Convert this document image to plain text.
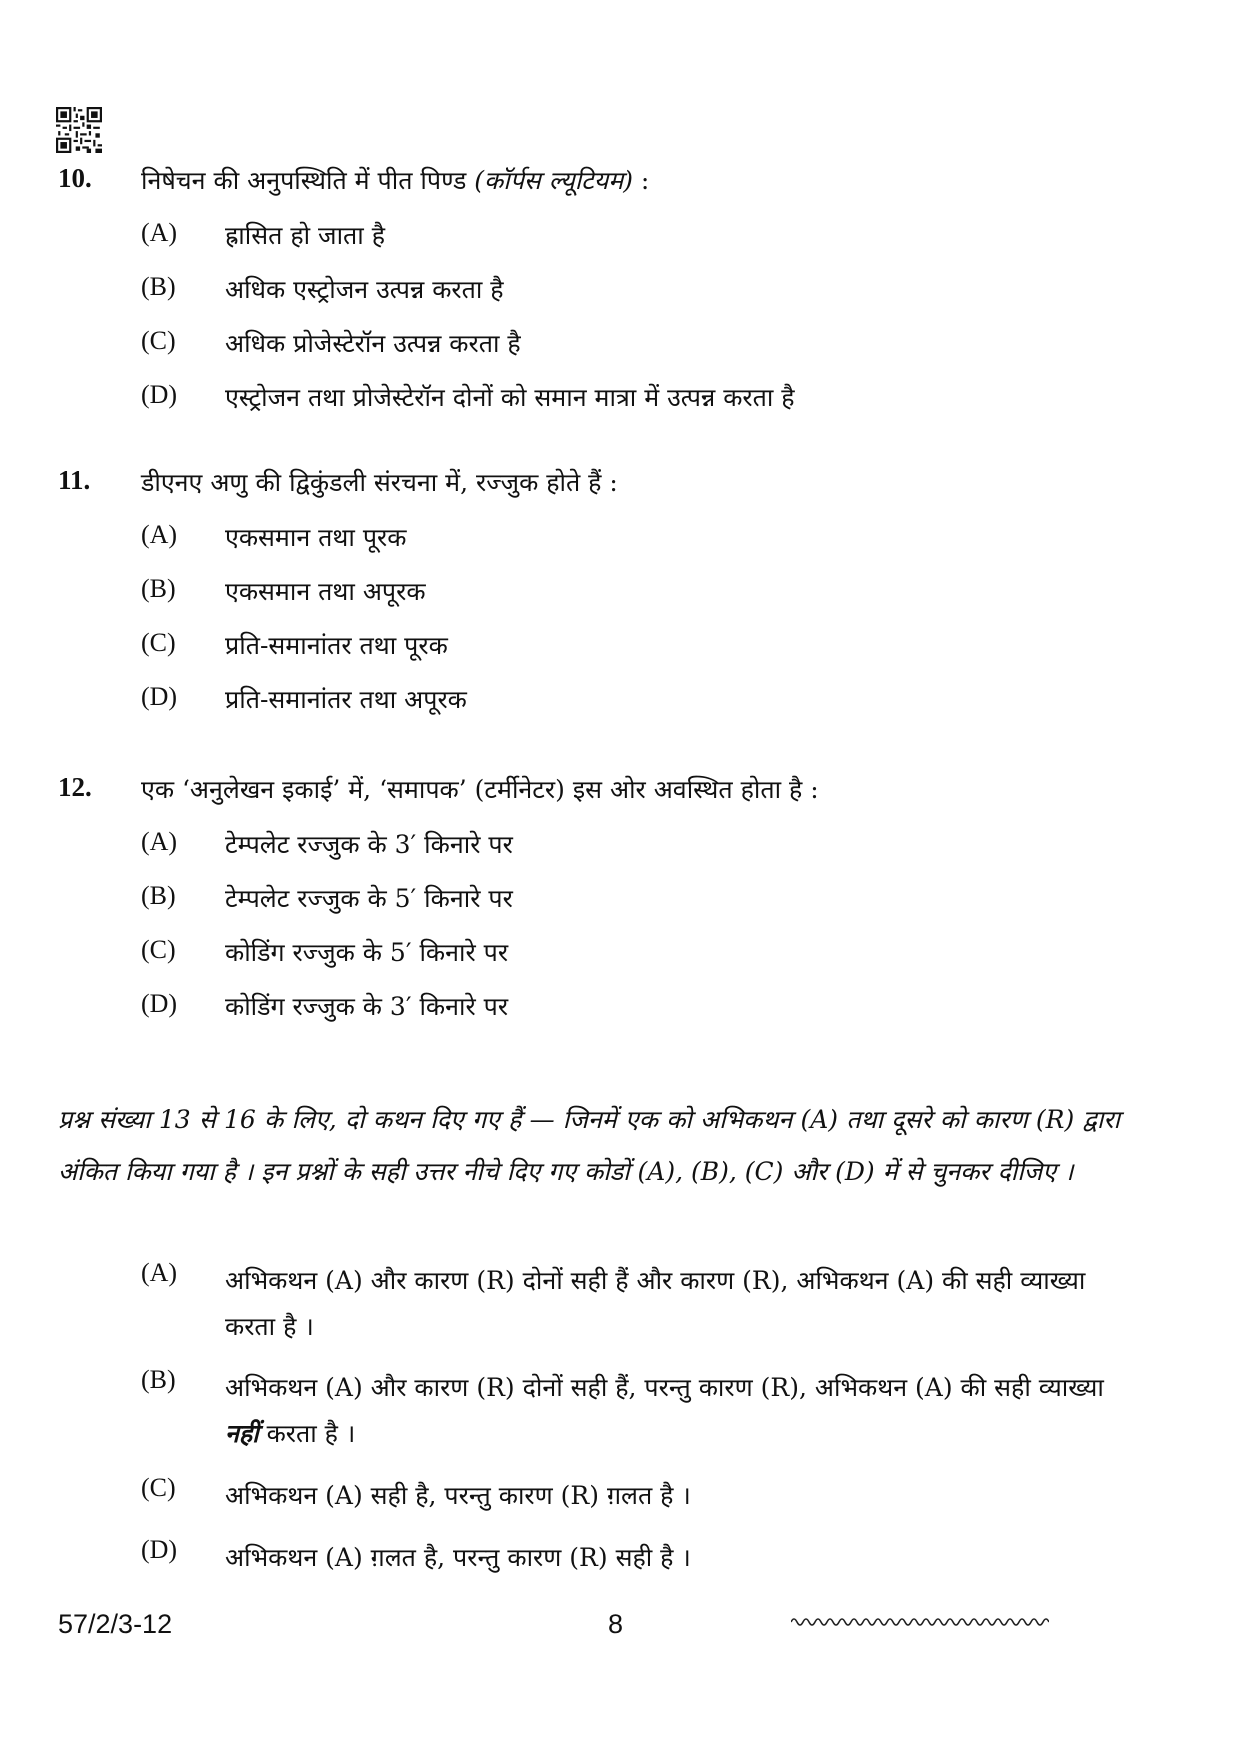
10. निषेचन की अनुपस्थिति में पीत पिण्ड (कॉर्पस ल्यूटियम) :
(A) ह्रासित हो जाता है
(B) अधिक एस्ट्रोजन उत्पन्न करता है
(C) अधिक प्रोजेस्टेरॉन उत्पन्न करता है
(D) एस्ट्रोजन तथा प्रोजेस्टेरॉन दोनों को समान मात्रा में उत्पन्न करता है
11. डीएनए अणु की द्विकुंडली संरचना में, रज्जुक होते हैं :
(A) एकसमान तथा पूरक
(B) एकसमान तथा अपूरक
(C) प्रति-समानांतर तथा पूरक
(D) प्रति-समानांतर तथा अपूरक
12. एक ‘अनुलेखन इकाई’ में, ‘समापक’ (टर्मीनेटर) इस ओर अवस्थित होता है :
(A) टेम्पलेट रज्जुक के 3′ किनारे पर
(B) टेम्पलेट रज्जुक के 5′ किनारे पर
(C) कोडिंग रज्जुक के 5′ किनारे पर
(D) कोडिंग रज्जुक के 3′ किनारे पर
प्रश्न संख्या 13 से 16 के लिए, दो कथन दिए गए हैं — जिनमें एक को अभिकथन (A) तथा दूसरे को कारण (R) द्वारा अंकित किया गया है । इन प्रश्नों के सही उत्तर नीचे दिए गए कोडों (A), (B), (C) और (D) में से चुनकर दीजिए ।
(A) अभिकथन (A) और कारण (R) दोनों सही हैं और कारण (R), अभिकथन (A) की सही व्याख्या करता है ।
(B) अभिकथन (A) और कारण (R) दोनों सही हैं, परन्तु कारण (R), अभिकथन (A) की सही व्याख्या नहीं करता है ।
(C) अभिकथन (A) सही है, परन्तु कारण (R) ग़लत है ।
(D) अभिकथन (A) ग़लत है, परन्तु कारण (R) सही है ।
57/2/3-12	8
